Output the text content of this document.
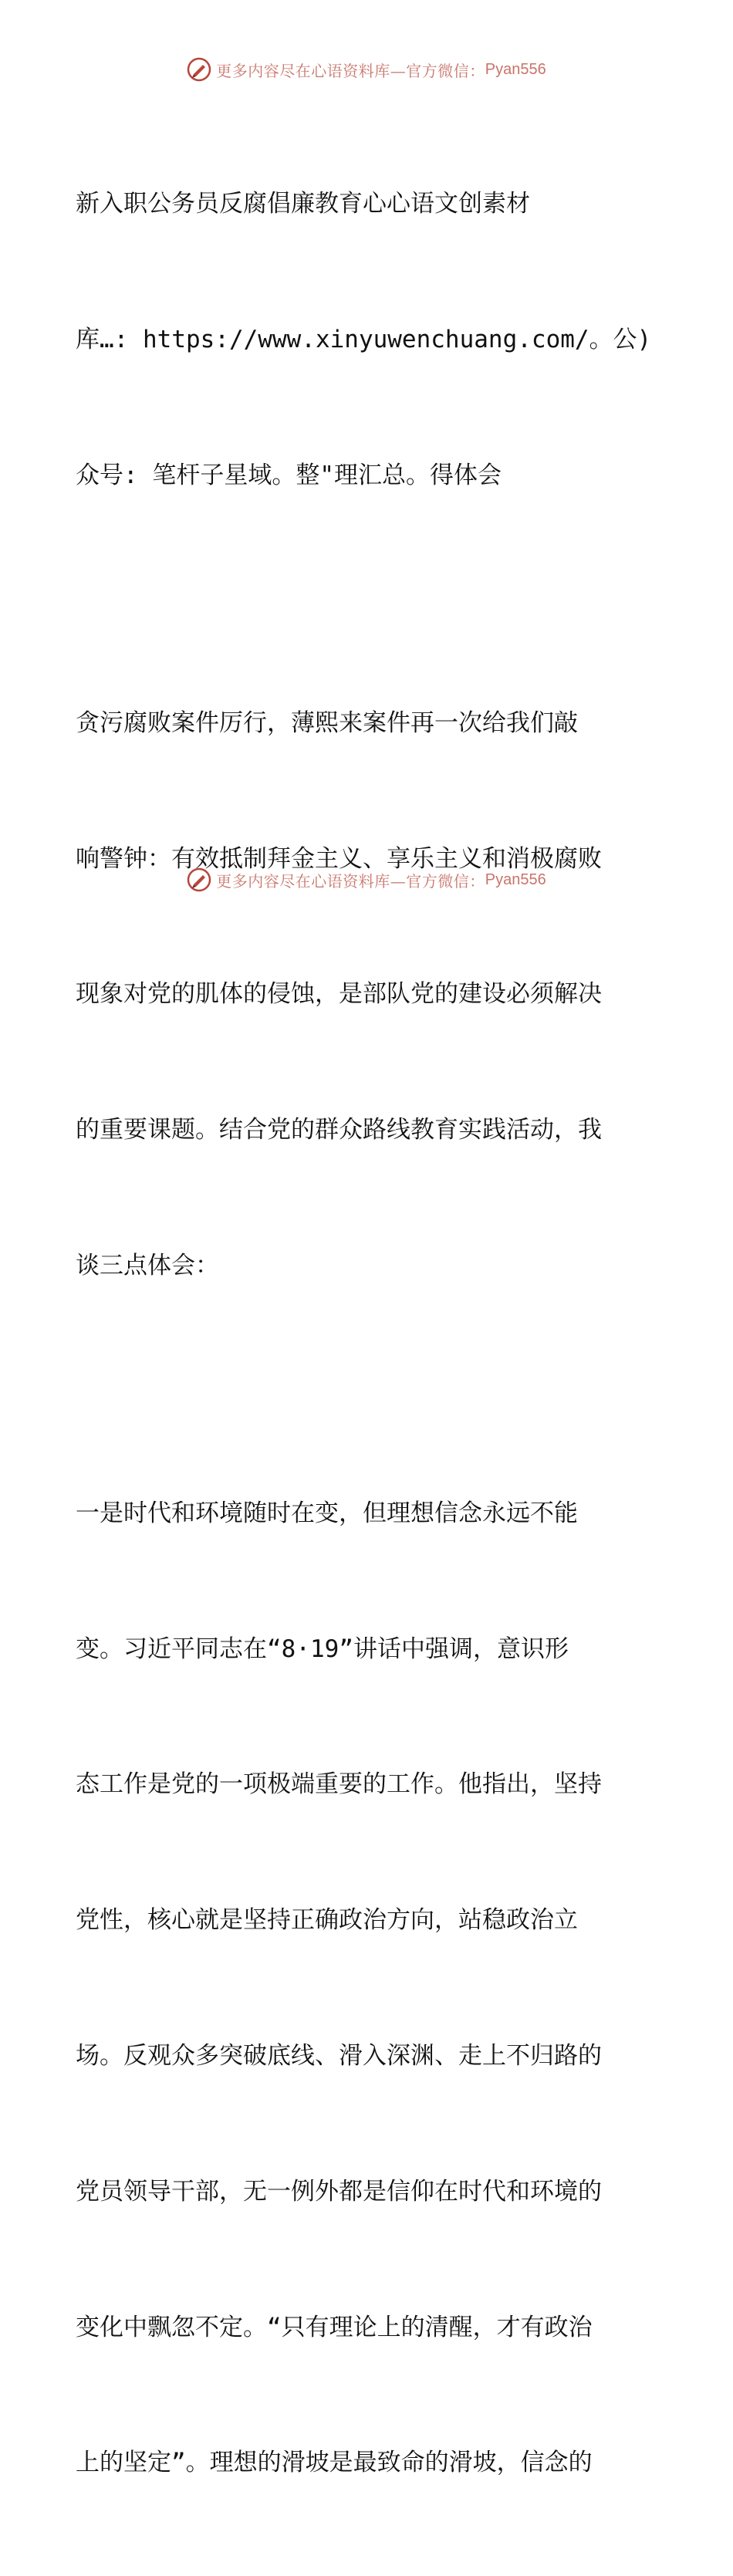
更多内容尽在心语资料库—官方微信： Pyan556

新入职公务员反腐倡廉教育心心语文创素材

库…: https://www.xinyuwenchuang.com/。公)

众号: 笔杆子星域。整"理汇总。得体会

贪污腐败案件厉行，薄熙来案件再一次给我们敲

响警钟：有效抵制拜金主义、享乐主义和消极腐败

现象对党的肌体的侵蚀，是部队党的建设必须解决

的重要课题。结合党的群众路线教育实践活动，我

谈三点体会：

一是时代和环境随时在变，但理想信念永远不能

变。习近平同志在“8·19”讲话中强调，意识形

态工作是党的一项极端重要的工作。他指出，坚持

党性，核心就是坚持正确政治方向，站稳政治立

场。反观众多突破底线、滑入深渊、走上不归路的

党员领导干部，无一例外都是信仰在时代和环境的

变化中飘忽不定。“只有理论上的清醒，才有政治

上的坚定”。理想的滑坡是最致命的滑坡，信念的

更多内容尽在心语资料库—官方微信： Pyan556
